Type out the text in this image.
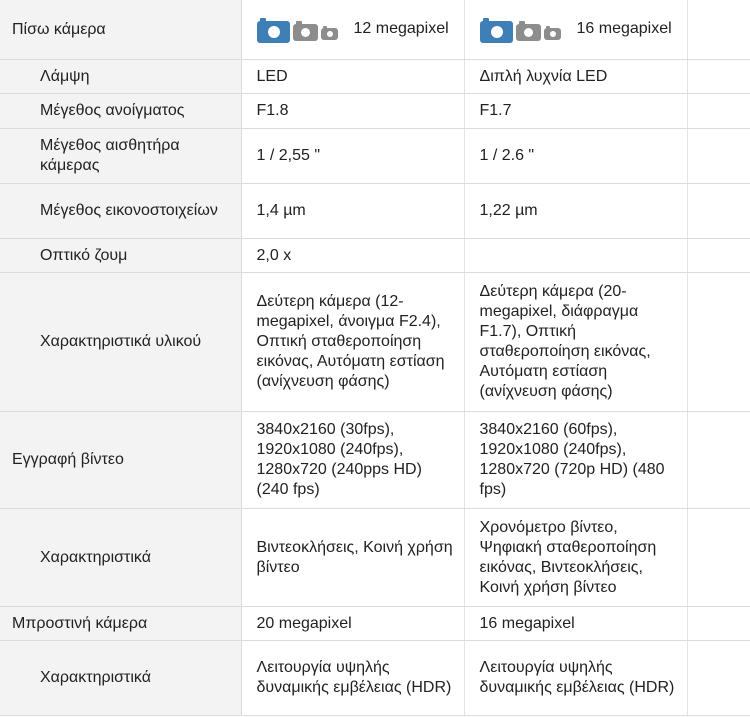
Πίσω κάμερα	12 megapixel	16 megapixel	

Λάμψη	LED	Διπλή λυχνία LED	
Μέγεθος ανοίγματος	F1.8	F1.7	
Μέγεθος αισθητήρα κάμερας	1 / 2,55 "	1 / 2.6 "	
Μέγεθος εικονοστοιχείων	1,4 µm	1,22 µm	
Οπτικό ζουμ	2,0 x		
Χαρακτηριστικά υλικού	Δεύτερη κάμερα (12-megapixel, άνοιγμα F2.4), Οπτική σταθεροποίηση εικόνας, Αυτόματη εστίαση (ανίχνευση φάσης)	Δεύτερη κάμερα (20-megapixel, διάφραγμα F1.7), Οπτική σταθεροποίηση εικόνας, Αυτόματη εστίαση (ανίχνευση φάσης)	
Εγγραφή βίντεο	3840x2160 (30fps), 1920x1080 (240fps), 1280x720 (240pps HD) (240 fps)	3840x2160 (60fps), 1920x1080 (240fps), 1280x720 (720p HD) (480 fps)	
Χαρακτηριστικά	Βιντεοκλήσεις, Κοινή χρήση βίντεο	Χρονόμετρο βίντεο, Ψηφιακή σταθεροποίηση εικόνας, Βιντεοκλήσεις, Κοινή χρήση βίντεο	
Μπροστινή κάμερα	20 megapixel	16 megapixel	
Χαρακτηριστικά	Λειτουργία υψηλής δυναμικής εμβέλειας (HDR)	Λειτουργία υψηλής δυναμικής εμβέλειας (HDR)	
